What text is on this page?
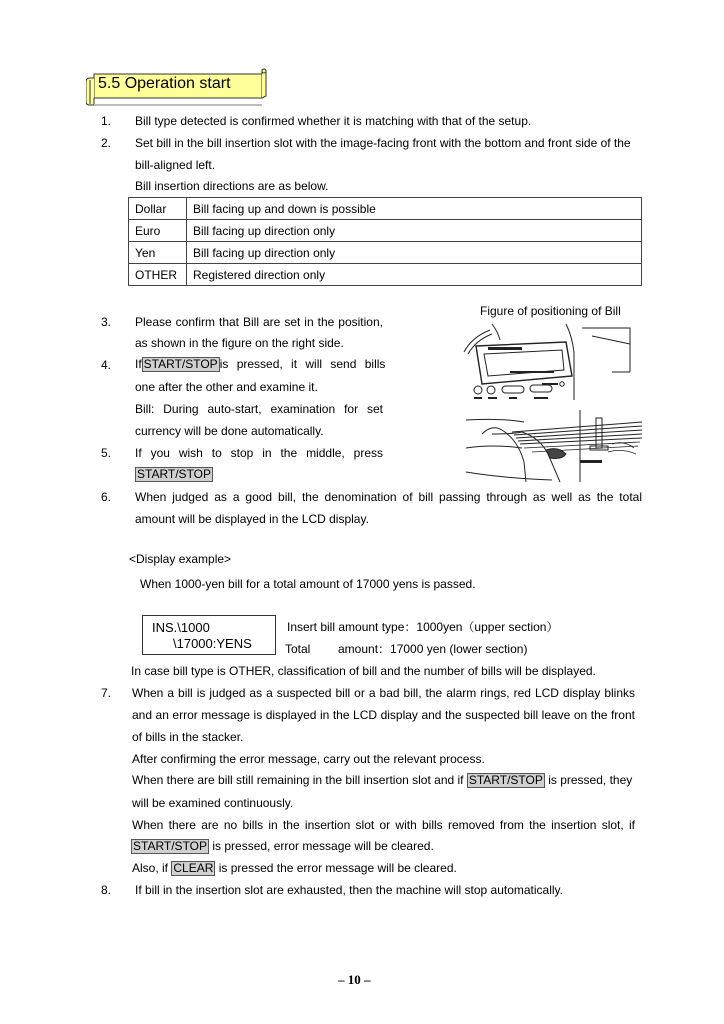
5.5 Operation start
1. Bill type detected is confirmed whether it is matching with that of the setup.
2. Set bill in the bill insertion slot with the image-facing front with the bottom and front side of the
bill-aligned left.
Bill insertion directions are as below.
Dollar	Bill facing up and down is possible
Euro	Bill facing up direction only
Yen	Bill facing up direction only
OTHER	Registered direction only
Figure of positioning of Bill
3. Please confirm that Bill are set in the position,
as shown in the figure on the right side.
4. If START/STOP is pressed, it will send bills
one after the other and examine it.
Bill: During auto-start, examination for set
currency will be done automatically.
5. If you wish to stop in the middle, press
START/STOP
6. When judged as a good bill, the denomination of bill passing through as well as the total
amount will be displayed in the LCD display.
<Display example>
When 1000-yen bill for a total amount of 17000 yens is passed.
INS.\1000
\17000:YENS
Insert bill amount type：1000yen（upper section）
Total amount：17000 yen (lower section)
In case bill type is OTHER, classification of bill and the number of bills will be displayed.
7. When a bill is judged as a suspected bill or a bad bill, the alarm rings, red LCD display blinks
and an error message is displayed in the LCD display and the suspected bill leave on the front
of bills in the stacker.
After confirming the error message, carry out the relevant process.
When there are bill still remaining in the bill insertion slot and if START/STOP is pressed, they
will be examined continuously.
When there are no bills in the insertion slot or with bills removed from the insertion slot, if
START/STOP is pressed, error message will be cleared.
Also, if CLEAR is pressed the error message will be cleared.
8. If bill in the insertion slot are exhausted, then the machine will stop automatically.
– 10 –
